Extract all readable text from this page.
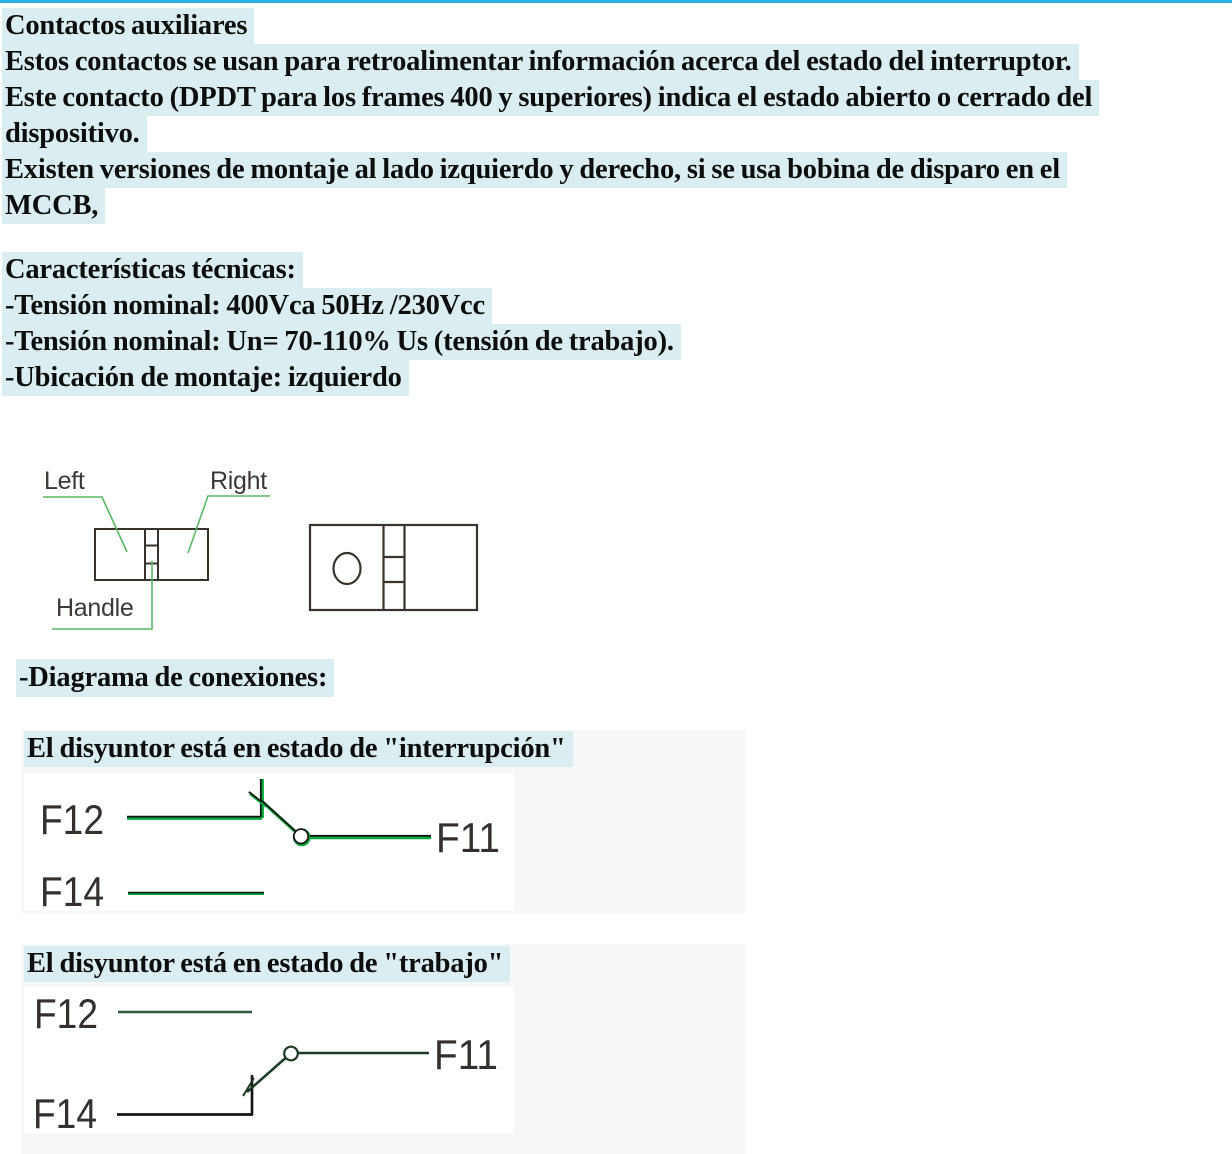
Contactos auxiliares
Estos contactos se usan para retroalimentar información acerca del estado del interruptor.
Este contacto (DPDT para los frames 400 y superiores) indica el estado abierto o cerrado del
dispositivo.
Existen versiones de montaje al lado izquierdo y derecho, si se usa bobina de disparo en el
MCCB,
Características técnicas:
-Tensión nominal: 400Vca 50Hz /230Vcc
-Tensión nominal: Un= 70-110% Us (tensión de trabajo).
-Ubicación de montaje: izquierdo
Left	Right
Handle
-Diagrama de conexiones:
El disyuntor está en estado de "interrupción"
F12
F14
F11
El disyuntor está en estado de "trabajo"
F12
F14
F11
